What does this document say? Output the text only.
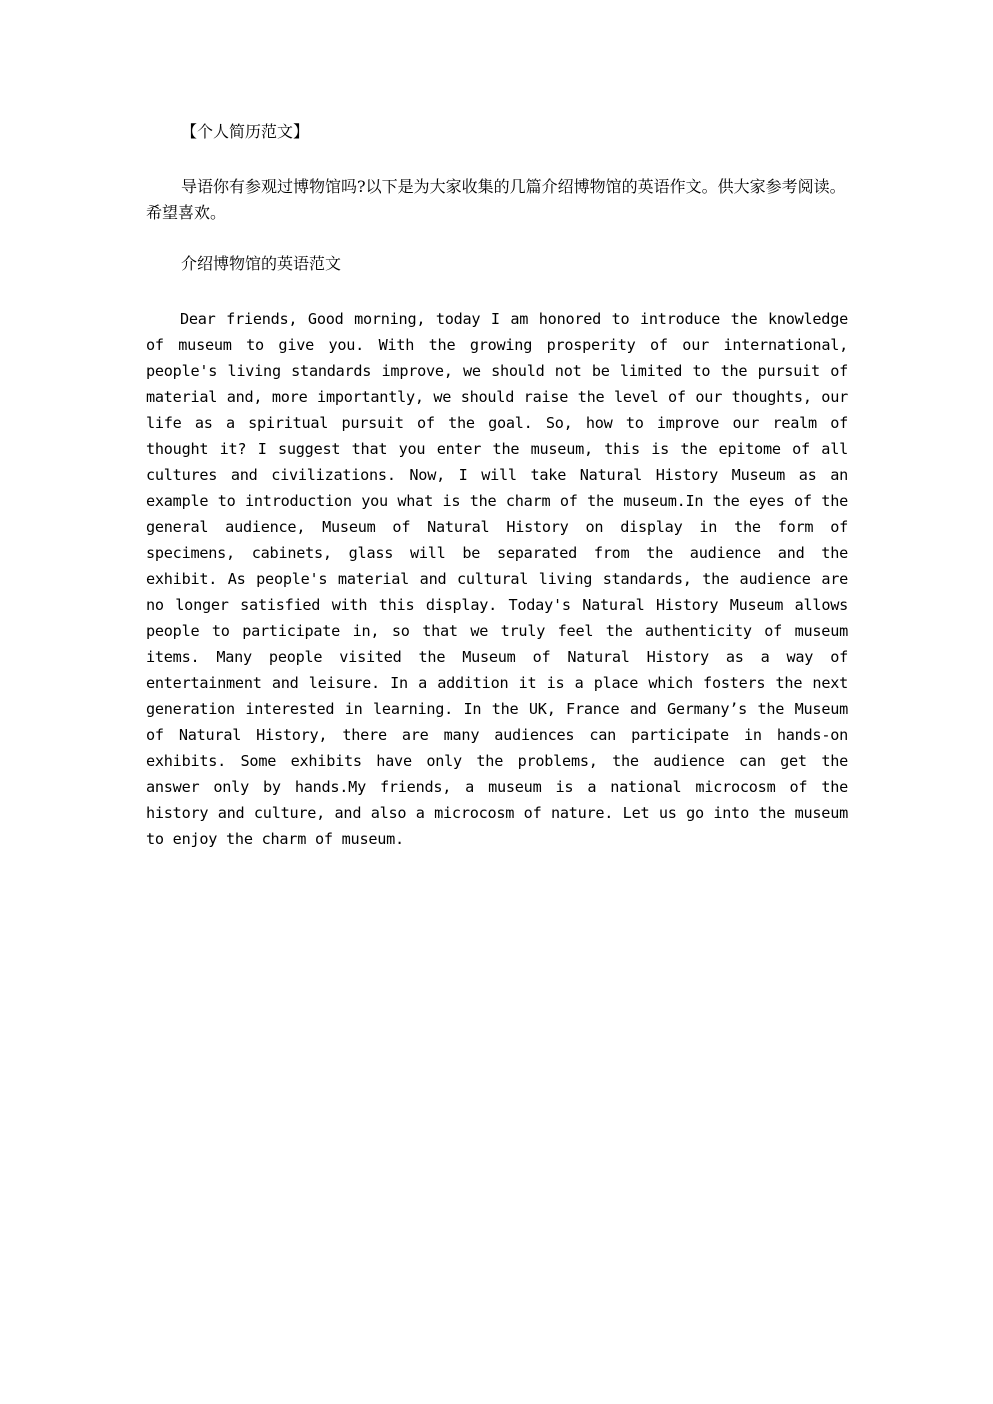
【个人简历范文】

导语你有参观过博物馆吗?以下是为大家收集的几篇介绍博物馆的英语作文。供大家参考阅读。希望喜欢。

介绍博物馆的英语范文

Dear friends, Good morning, today I am honored to introduce the knowledge of museum to give you. With the growing prosperity of our international, people's living standards improve, we should not be limited to the pursuit of material and, more importantly, we should raise the level of our thoughts, our life as a spiritual pursuit of the goal. So, how to improve our realm of thought it? I suggest that you enter the museum, this is the epitome of all cultures and civilizations. Now, I will take Natural History Museum as an example to introduction you what is the charm of the museum.In the eyes of the general audience, Museum of Natural History on display in the form of specimens, cabinets, glass will be separated from the audience and the exhibit. As people's material and cultural living standards, the audience are no longer satisfied with this display. Today's Natural History Museum allows people to participate in, so that we truly feel the authenticity of museum items. Many people visited the Museum of Natural History as a way of entertainment and leisure. In a addition it is a place which fosters the next generation interested in learning. In the UK, France and Germany’s the Museum of Natural History, there are many audiences can participate in hands-on exhibits. Some exhibits have only the problems, the audience can get the answer only by hands.My friends, a museum is a national microcosm of the history and culture, and also a microcosm of nature. Let us go into the museum to enjoy the charm of museum.
